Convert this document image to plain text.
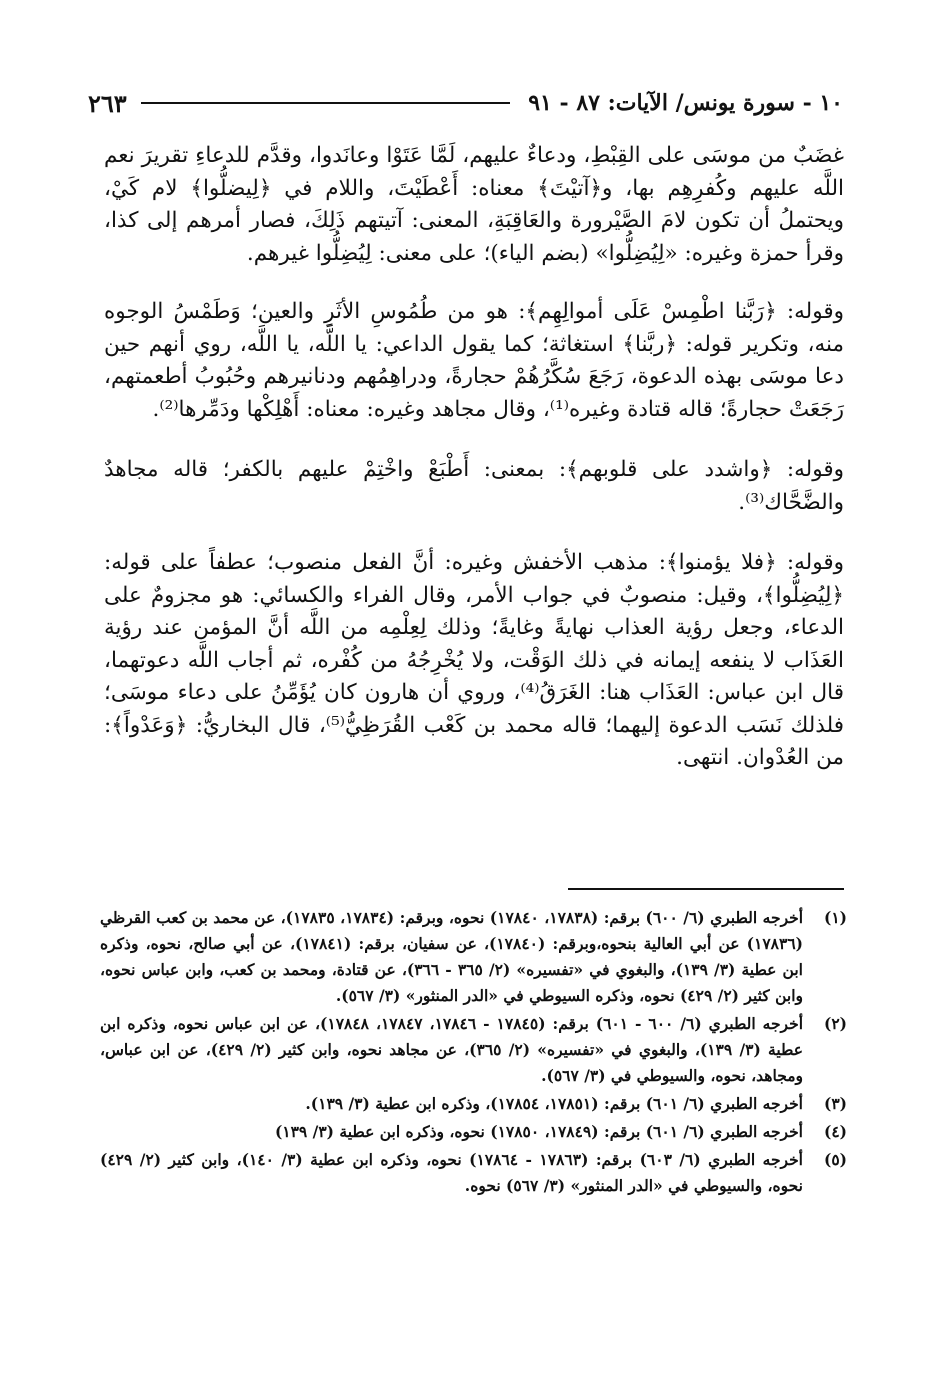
١٠ - سورة يونس/ الآيات: ٨٧ - ٩١
٢٦٣

غضَبٌ من موسَى على القِبْطِ، ودعاءٌ عليهم، لَمَّا عَتَوْا وعانَدوا، وقدَّم للدعاءِ تقريرَ نعم اللَّه عليهم وكُفرِهِم بها، و﴿آتيْتَ﴾ معناه: أَعْطَيْتَ، واللام في ﴿لِيضلُّوا﴾ لام كَيْ، ويحتملُ أن تكون لامَ الصَّيْرورة والعَاقِبَةِ، المعنى: آتيتهم ذَلِكَ، فصار أمرهم إلى كذا، وقرأ حمزة وغيره: «لِيُضِلُّوا» (بضم الياء)؛ على معنى: لِيُضِلُّوا غيرهم.

وقوله: ﴿رَبَّنا اطْمِسْ عَلَى أموالِهِم﴾: هو من طُمُوسِ الأثَرِ والعين؛ وَطَمْسُ الوجوه منه، وتكرير قوله: ﴿ربَّنا﴾ استغاثة؛ كما يقول الداعي: يا اللَّه، يا اللَّه، روي أنهم حين دعا موسَى بهذه الدعوة، رَجَعَ سُكَّرُهُمْ حجارةً، ودراهِمُهم ودنانيرهم وحُبُوبُ أطعمتهم، رَجَعَتْ حجارةً؛ قاله قتادة وغيره⁽¹⁾، وقال مجاهد وغيره: معناه: أَهْلِكْها ودَمِّرها⁽²⁾.

وقوله: ﴿واشدد على قلوبهم﴾: بمعنى: أَطْبَعْ واخْتِمْ عليهم بالكفر؛ قاله مجاهدٌ والضَّحَّاك⁽³⁾.

وقوله: ﴿فلا يؤمنوا﴾: مذهب الأخفش وغيره: أنَّ الفعل منصوب؛ عطفاً على قوله: ﴿لِيُضِلُّوا﴾، وقيل: منصوبٌ في جواب الأمر، وقال الفراء والكسائي: هو مجزومٌ على الدعاء، وجعل رؤية العذاب نهايةً وغايةً؛ وذلك لِعِلْمِه من اللَّه أنَّ المؤمن عند رؤية العَذَاب لا ينفعه إيمانه في ذلك الوَقْت، ولا يُخْرِجُهُ من كُفْره، ثم أجاب اللَّه دعوتهما، قال ابن عباس: العَذَاب هنا: الغَرَقُ⁽⁴⁾، وروي أن هارون كان يُؤَمِّنُ على دعاء موسَى؛ فلذلك نَسَب الدعوة إليهما؛ قاله محمد بن كَعْب القُرَظِيُّ⁽⁵⁾، قال البخاريُّ: ﴿وَعَدْواً﴾: من العُدْوان. انتهى.

(١)
أخرجه الطبري (٦/ ٦٠٠) برقم: (١٧٨٣٨، ١٧٨٤٠) نحوه، وبرقم: (١٧٨٣٤، ١٧٨٣٥)، عن محمد بن كعب القرظي (١٧٨٣٦) عن أبي العالية بنحوه،وبرقم: (١٧٨٤٠)، عن سفيان، برقم: (١٧٨٤١)، عن أبي صالح، نحوه، وذكره ابن عطية (٣/ ١٣٩)، والبغوي في «تفسيره» (٢/ ٣٦٥ - ٣٦٦)، عن قتادة، ومحمد بن كعب، وابن عباس نحوه، وابن كثير (٢/ ٤٢٩) نحوه، وذكره السيوطي في «الدر المنثور» (٣/ ٥٦٧).
(٢)
أخرجه الطبري (٦/ ٦٠٠ - ٦٠١) برقم: (١٧٨٤٥ - ١٧٨٤٦، ١٧٨٤٧، ١٧٨٤٨)، عن ابن عباس نحوه، وذكره ابن عطية (٣/ ١٣٩)، والبغوي في «تفسيره» (٢/ ٣٦٥)، عن مجاهد نحوه، وابن كثير (٢/ ٤٢٩)، عن ابن عباس، ومجاهد، نحوه، والسيوطي في (٣/ ٥٦٧).
(٣)
أخرجه الطبري (٦/ ٦٠١) برقم: (١٧٨٥١، ١٧٨٥٤)، وذكره ابن عطية (٣/ ١٣٩).
(٤)
أخرجه الطبري (٦/ ٦٠١) برقم: (١٧٨٤٩، ١٧٨٥٠) نحوه، وذكره ابن عطية (٣/ ١٣٩)
(٥)
أخرجه الطبري (٦/ ٦٠٣) برقم: (١٧٨٦٣ - ١٧٨٦٤) نحوه، وذكره ابن عطية (٣/ ١٤٠)، وابن كثير (٢/ ٤٢٩) نحوه، والسيوطي في «الدر المنثور» (٣/ ٥٦٧) نحوه.
